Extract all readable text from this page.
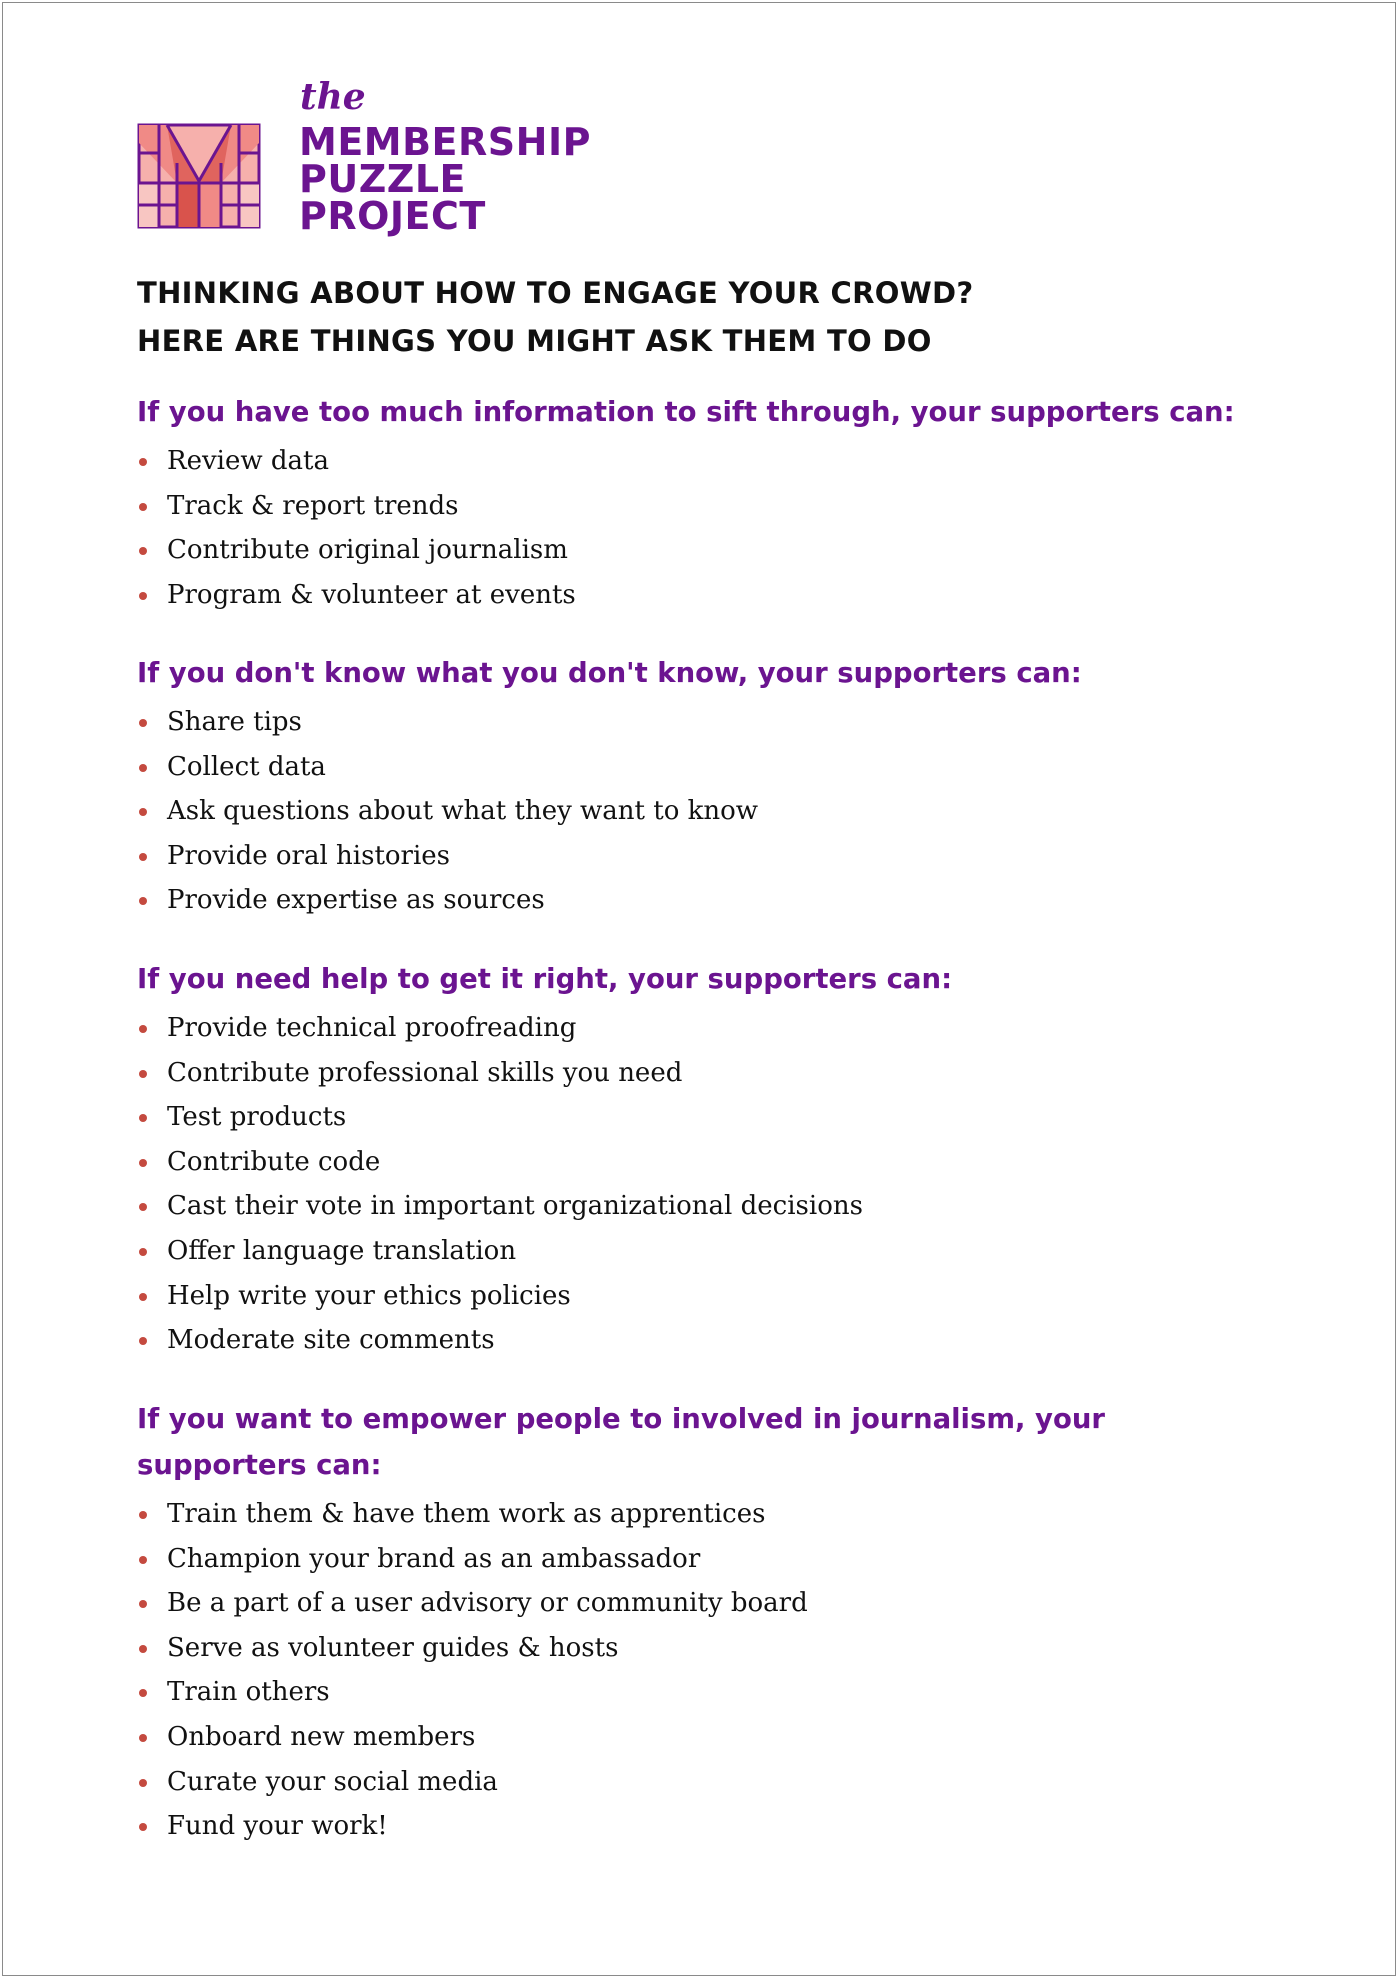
the
MEMBERSHIP
PUZZLE
PROJECT
THINKING ABOUT HOW TO ENGAGE YOUR CROWD?
HERE ARE THINGS YOU MIGHT ASK THEM TO DO
If you have too much information to sift through, your supporters can:
Review data
Track & report trends
Contribute original journalism
Program & volunteer at events
If you don't know what you don't know, your supporters can:
Share tips
Collect data
Ask questions about what they want to know
Provide oral histories
Provide expertise as sources
If you need help to get it right, your supporters can:
Provide technical proofreading
Contribute professional skills you need
Test products
Contribute code
Cast their vote in important organizational decisions
Offer language translation
Help write your ethics policies
Moderate site comments
If you want to empower people to involved in journalism, your
supporters can:
Train them & have them work as apprentices
Champion your brand as an ambassador
Be a part of a user advisory or community board
Serve as volunteer guides & hosts
Train others
Onboard new members
Curate your social media
Fund your work!
